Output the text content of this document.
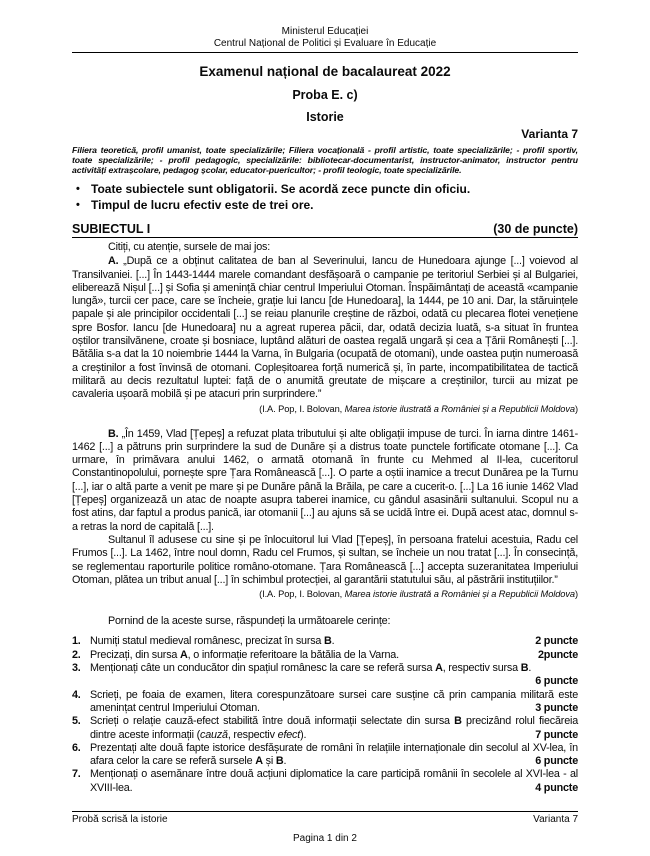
Ministerul Educației
Centrul Național de Politici și Evaluare în Educație
Examenul național de bacalaureat 2022
Proba E. c)
Istorie
Varianta 7
Filiera teoretică, profil umanist, toate specializările; Filiera vocațională - profil artistic, toate specializările; - profil sportiv, toate specializările; - profil pedagogic, specializările: bibliotecar-documentarist, instructor-animator, instructor pentru activități extrașcolare, pedagog școlar, educator-puericultor; - profil teologic, toate specializările.
• Toate subiectele sunt obligatorii. Se acordă zece puncte din oficiu.
• Timpul de lucru efectiv este de trei ore.
SUBIECTUL I	(30 de puncte)
Citiți, cu atenție, sursele de mai jos:
A. „După ce a obținut calitatea de ban al Severinului, Iancu de Hunedoara ajunge [...] voievod al Transilvaniei. [...] În 1443-1444 marele comandant desfășoară o campanie pe teritoriul Serbiei și al Bulgariei, eliberează Nișul [...] și Sofia și amenință chiar centrul Imperiului Otoman. Înspăimântați de această «campanie lungă», turcii cer pace, care se încheie, grație lui Iancu [de Hunedoara], la 1444, pe 10 ani. Dar, la stăruințele papale și ale principilor occidentali [...] se reiau planurile creștine de război, odată cu plecarea flotei venețiene spre Bosfor. Iancu [de Hunedoara] nu a agreat ruperea păcii, dar, odată decizia luată, s-a situat în fruntea oștilor transilvănene, croate și bosniace, luptând alături de oastea regală ungară și cea a Țării Românești [...]. Bătălia s-a dat la 10 noiembrie 1444 la Varna, în Bulgaria (ocupată de otomani), unde oastea puțin numeroasă a creștinilor a fost învinsă de otomani. Copleșitoarea forță numerică și, în parte, incompatibilitatea de tactică militară au decis rezultatul luptei: față de o anumită greutate de mișcare a creștinilor, turcii au mizat pe cavaleria ușoară mobilă și pe atacuri prin surprindere.”
(I.A. Pop, I. Bolovan, Marea istorie ilustrată a României și a Republicii Moldova)
B. „În 1459, Vlad [Țepeș] a refuzat plata tributului și alte obligații impuse de turci. În iarna dintre 1461-1462 [...] a pătruns prin surprindere la sud de Dunăre și a distrus toate punctele fortificate otomane [...]. Ca urmare, în primăvara anului 1462, o armată otomană în frunte cu Mehmed al II-lea, cuceritorul Constantinopolului, pornește spre Țara Românească [...]. O parte a oștii inamice a trecut Dunărea pe la Turnu [...], iar o altă parte a venit pe mare și pe Dunăre până la Brăila, pe care a cucerit-o. [...] La 16 iunie 1462 Vlad [Țepeș] organizează un atac de noapte asupra taberei inamice, cu gândul asasinării sultanului. Scopul nu a fost atins, dar faptul a produs panică, iar otomanii [...] au ajuns să se ucidă între ei. După acest atac, domnul s-a retras la nord de capitală [...].
Sultanul îl adusese cu sine și pe înlocuitorul lui Vlad [Țepeș], în persoana fratelui acestuia, Radu cel Frumos [...]. La 1462, între noul domn, Radu cel Frumos, și sultan, se încheie un nou tratat [...]. În consecință, se reglementau raporturile politice româno-otomane. Țara Românească [...] accepta suzeranitatea Imperiului Otoman, plătea un tribut anual [...] în schimbul protecției, al garantării statutului său, al păstrării instituțiilor.”
(I.A. Pop, I. Bolovan, Marea istorie ilustrată a României și a Republicii Moldova)
Pornind de la aceste surse, răspundeți la următoarele cerințe:
1. Numiți statul medieval românesc, precizat în sursa B.	2 puncte
2. Precizați, din sursa A, o informație referitoare la bătălia de la Varna.	2puncte
3. Menționați câte un conducător din spațiul românesc la care se referă sursa A, respectiv sursa B.
6 puncte
4. Scrieți, pe foaia de examen, litera corespunzătoare sursei care susține că prin campania militară este amenințat centrul Imperiului Otoman.	3 puncte
5. Scrieți o relație cauză-efect stabilită între două informații selectate din sursa B precizând rolul fiecăreia dintre aceste informații (cauză, respectiv efect).	7 puncte
6. Prezentați alte două fapte istorice desfășurate de români în relațiile internaționale din secolul al XV-lea, în afara celor la care se referă sursele A și B.	6 puncte
7. Menționați o asemănare între două acțiuni diplomatice la care participă românii în secolele al XVI-lea - al XVIII-lea.	4 puncte
Probă scrisă la istorie	Varianta 7
Pagina 1 din 2
